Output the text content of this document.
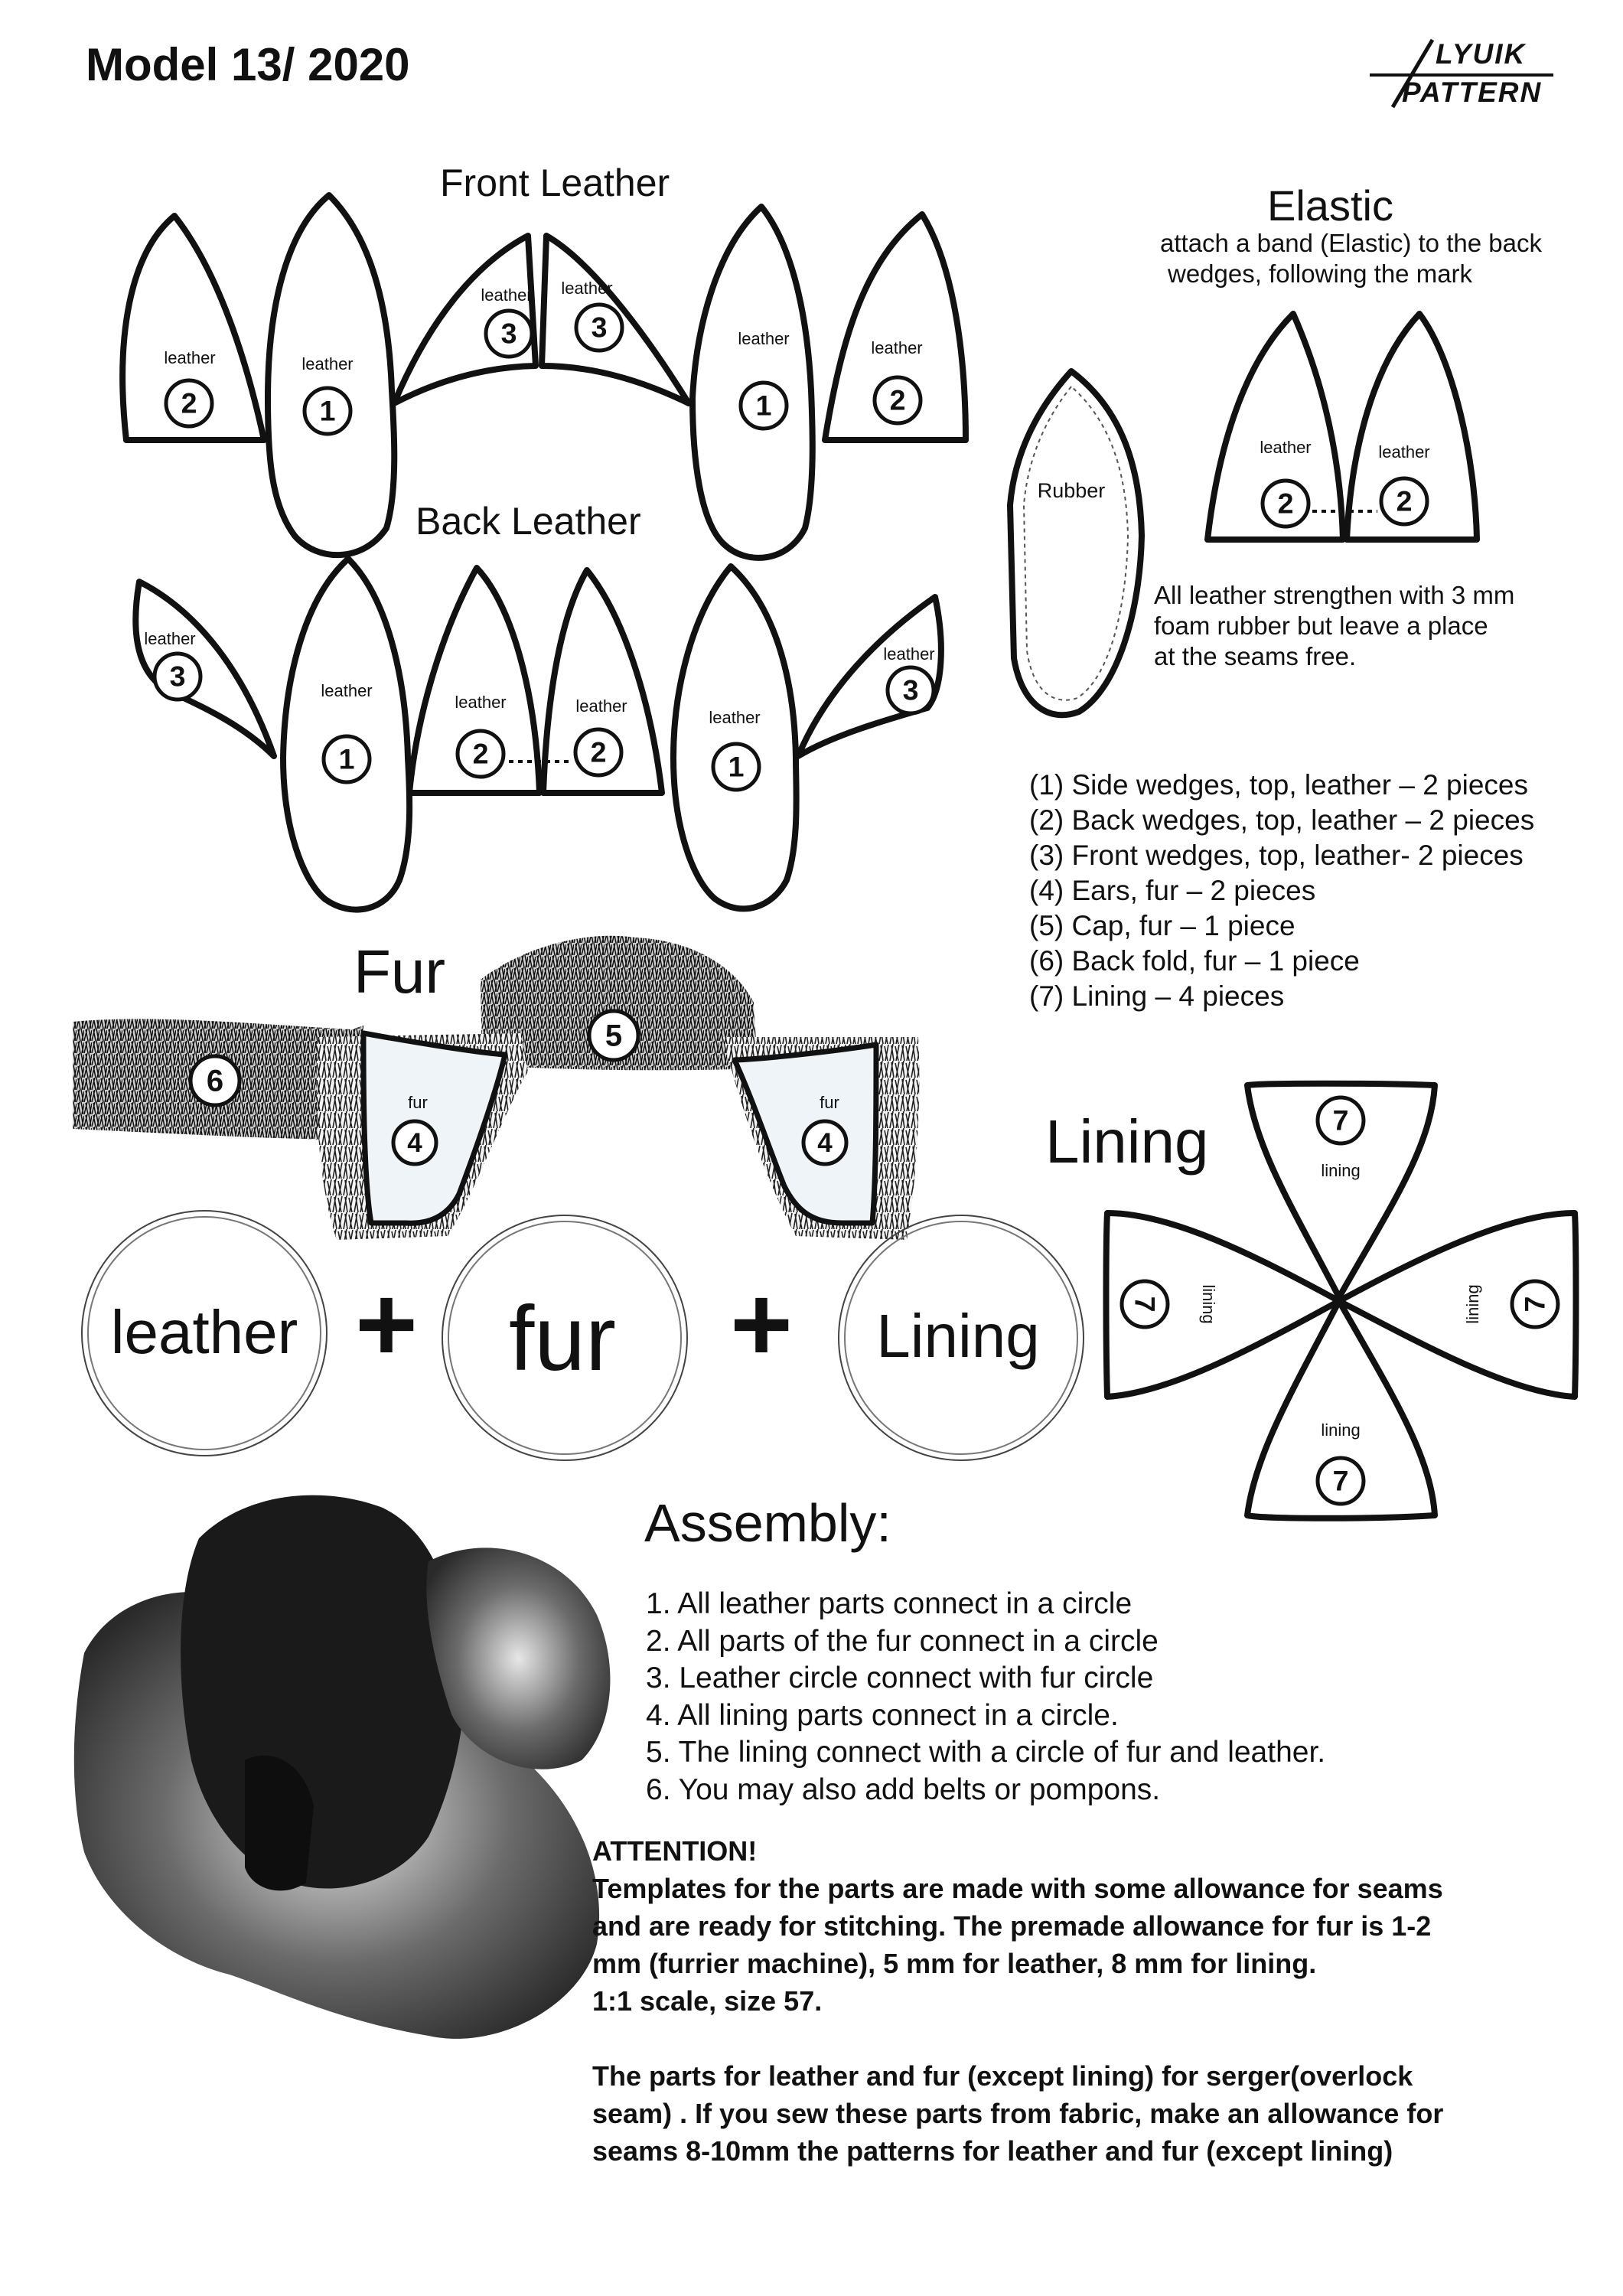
Model 13/ 2020	LYUIK
PATTERN
leather
2
leather
1
leather
3
leather
3	leather
1
leather
2
leather
3	leather
1
leather
2
leather
2
leather
1
leather
3
Rubber
leather
2
leather
2
fur
4
fur
4
6
5
lining
7
lining
7
lining
7	lining 7
Front Leather
Back Leather
Elastic
attach a band (Elastic) to the back
wedges, following the mark
All leather strengthen with 3 mm
foam rubber but leave a place
at the seams free.
Fur
Lining
(1) Side wedges, top, leather – 2 pieces
(2) Back wedges, top, leather – 2 pieces
(3) Front wedges, top, leather- 2 pieces
(4) Ears, fur – 2 pieces
(5) Cap, fur – 1 piece
(6) Back fold, fur – 1 piece
(7) Lining – 4 pieces
leather + fur	+	Lining
Assembly:
1. All leather parts connect in a circle
2. All parts of the fur connect in a circle
3. Leather circle connect with fur circle
4. All lining parts connect in a circle.
5. The lining connect with a circle of fur and leather.
6. You may also add belts or pompons.
ATTENTION!
Templates for the parts are made with some allowance for seams
and are ready for stitching. The premade allowance for fur is 1-2
mm (furrier machine), 5 mm for leather, 8 mm for lining.
1:1 scale, size 57.
The parts for leather and fur (except lining) for serger(overlock
seam) . If you sew these parts from fabric, make an allowance for
seams 8-10mm the patterns for leather and fur (except lining)
